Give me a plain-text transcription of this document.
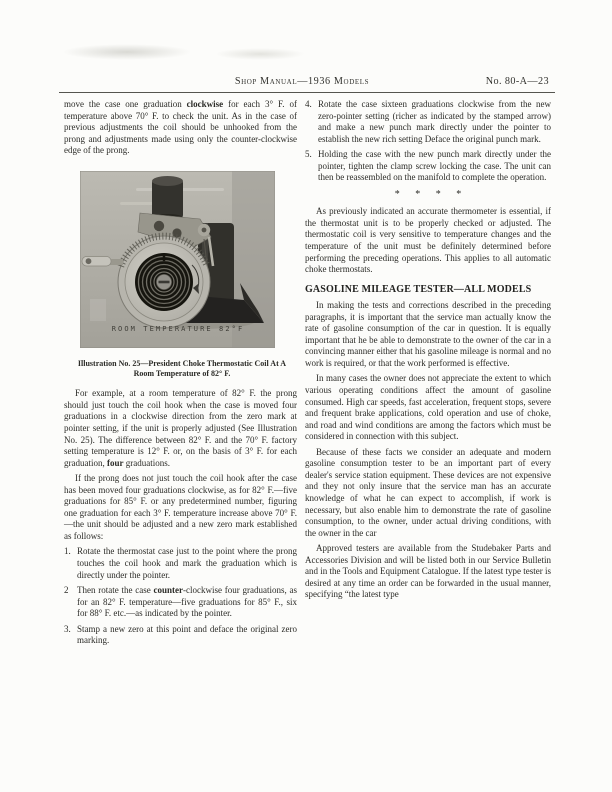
Shop Manual—1936 Models	No. 80-A—23

move the case one graduation clockwise for each 3° F. of temperature above 70° F. to check the unit. As in the case of previous adjustments the coil should be unhooked from the prong and adjustments made using only the counter-clockwise edge of the prong.

ROOM TEMPERATURE 82°F
Illustration No. 25—President Choke Thermostatic Coil At A
Room Temperature of 82° F.

For example, at a room temperature of 82° F. the prong should just touch the coil hook when the case is moved four graduations in a clockwise direction from the zero mark at pointer setting, if the unit is properly adjusted (See Illustration No. 25). The difference between 82° F. and the 70° F. factory setting temperature is 12° F. or, on the basis of 3° F. for each graduation, four graduations.

If the prong does not just touch the coil hook after the case has been moved four graduations clockwise, as for 82° F.—five graduations for 85° F. or any predetermined number, figuring one graduation for each 3° F. temperature increase above 70° F.—the unit should be adjusted and a new zero mark established as follows:

1. Rotate the thermostat case just to the point where the prong touches the coil hook and mark the graduation which is directly under the pointer.
2 Then rotate the case counter-clockwise four graduations, as for an 82° F. temperature—five graduations for 85° F., six for 88° F. etc.—as indicated by the pointer.
3. Stamp a new zero at this point and deface the original zero marking.
4. Rotate the case sixteen graduations clockwise from the new zero-pointer setting (richer as indicated by the stamped arrow) and make a new punch mark directly under the pointer to establish the new rich setting Deface the original punch mark.
5. Holding the case with the new punch mark directly under the pointer, tighten the clamp screw locking the case. The unit can then be reassembled on the manifold to complete the operation.
* * * *

As previously indicated an accurate thermometer is essential, if the thermostat unit is to be properly checked or adjusted. The thermostatic coil is very sensitive to temperature changes and the temperature of the unit must be definitely determined before performing the preceding operations. This applies to all automatic choke thermostats.

GASOLINE MILEAGE TESTER—ALL MODELS

In making the tests and corrections described in the preceding paragraphs, it is important that the service man actually know the rate of gasoline consumption of the car in question. It is equally important that he be able to demonstrate to the owner of the car in a convincing manner either that his gasoline mileage is normal and no work is required, or that the work performed is effective.

In many cases the owner does not appreciate the extent to which various operating conditions affect the amount of gasoline consumed. High car speeds, fast acceleration, frequent stops, severe and frequent brake applications, cold operation and use of choke, and road and wind conditions are among the factors which must be considered in connection with this subject.

Because of these facts we consider an adequate and modern gasoline consumption tester to be an important part of every dealer's service station equipment. These devices are not expensive and they not only insure that the service man has an accurate knowledge of what he can expect to accomplish, if work is necessary, but also enable him to demonstrate the rate of gasoline consumption, to the owner, under actual driving conditions, with the owner in the car

Approved testers are available from the Studebaker Parts and Accessories Division and will be listed both in our Service Bulletin and in the Tools and Equipment Catalogue. If the latest type tester is desired at any time an order can be forwarded in the usual manner, specifying “the latest type
